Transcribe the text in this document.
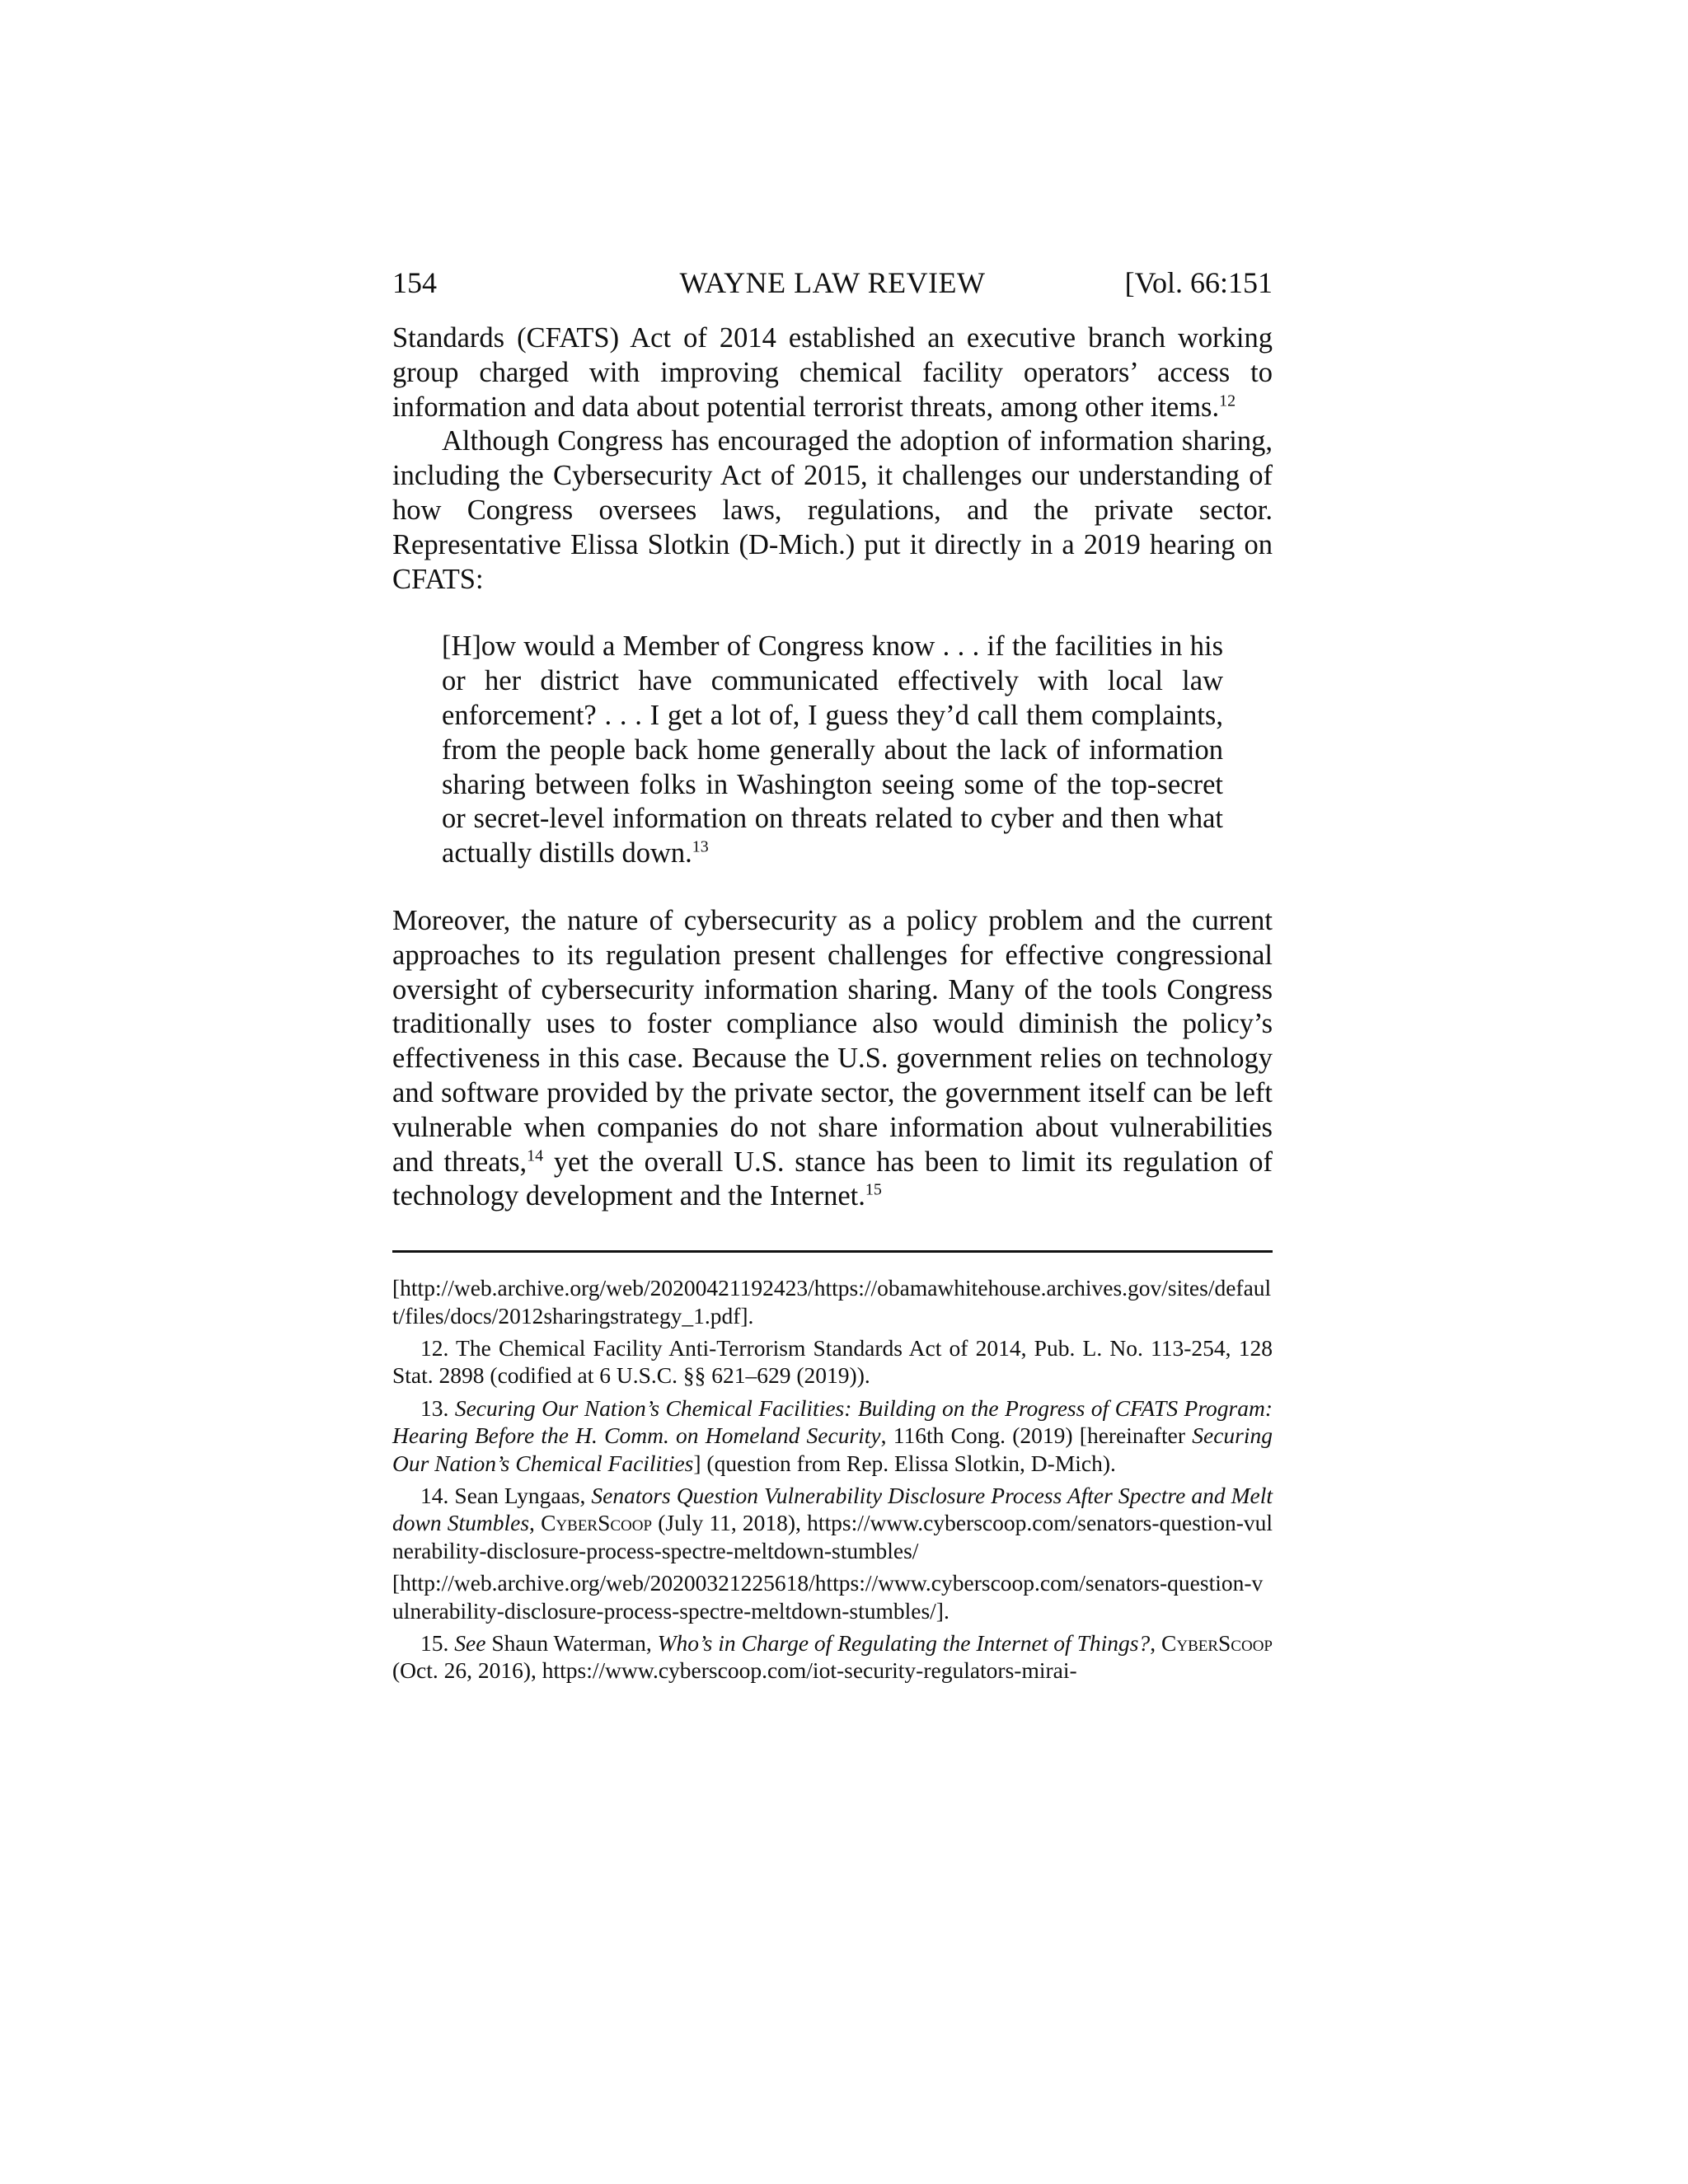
154	WAYNE LAW REVIEW	[Vol. 66:151

Standards (CFATS) Act of 2014 established an executive branch working group charged with improving chemical facility operators’ access to information and data about potential terrorist threats, among other items.$^{12}$

Although Congress has encouraged the adoption of information sharing, including the Cybersecurity Act of 2015, it challenges our understanding of how Congress oversees laws, regulations, and the private sector. Representative Elissa Slotkin (D-Mich.) put it directly in a 2019 hearing on CFATS:

[H]ow would a Member of Congress know . . . if the facilities in his or her district have communicated effectively with local law enforcement? . . . I get a lot of, I guess they’d call them complaints, from the people back home generally about the lack of information sharing between folks in Washington seeing some of the top-secret or secret-level information on threats related to cyber and then what actually distills down.$^{13}$

Moreover, the nature of cybersecurity as a policy problem and the current approaches to its regulation present challenges for effective congressional oversight of cybersecurity information sharing. Many of the tools Congress traditionally uses to foster compliance also would diminish the policy’s effectiveness in this case. Because the U.S. government relies on technology and software provided by the private sector, the government itself can be left vulnerable when companies do not share information about vulnerabilities and threats,$^{14}$ yet the overall U.S. stance has been to limit its regulation of technology development and the Internet.$^{15}$

[http://web.archive.org/web/20200421192423/https://obamawhitehouse.archives.gov/sites/default/files/docs/2012sharingstrategy_1.pdf].

12. The Chemical Facility Anti-Terrorism Standards Act of 2014, Pub. L. No. 113-254, 128 Stat. 2898 (codified at 6 U.S.C. §§ 621–629 (2019)).

13. Securing Our Nation’s Chemical Facilities: Building on the Progress of CFATS Program: Hearing Before the H. Comm. on Homeland Security, 116th Cong. (2019) [hereinafter Securing Our Nation’s Chemical Facilities] (question from Rep. Elissa Slotkin, D-Mich).

14. Sean Lyngaas, Senators Question Vulnerability Disclosure Process After Spectre and Meltdown Stumbles, CyberScoop (July 11, 2018), https://www.cyberscoop.com/senators-question-vulnerability-disclosure-process-spectre-meltdown-stumbles/

[http://web.archive.org/web/20200321225618/https://www.cyberscoop.com/senators-question-vulnerability-disclosure-process-spectre-meltdown-stumbles/].

15. See Shaun Waterman, Who’s in Charge of Regulating the Internet of Things?, CyberScoop (Oct. 26, 2016), https://www.cyberscoop.com/iot-security-regulators-mirai-
